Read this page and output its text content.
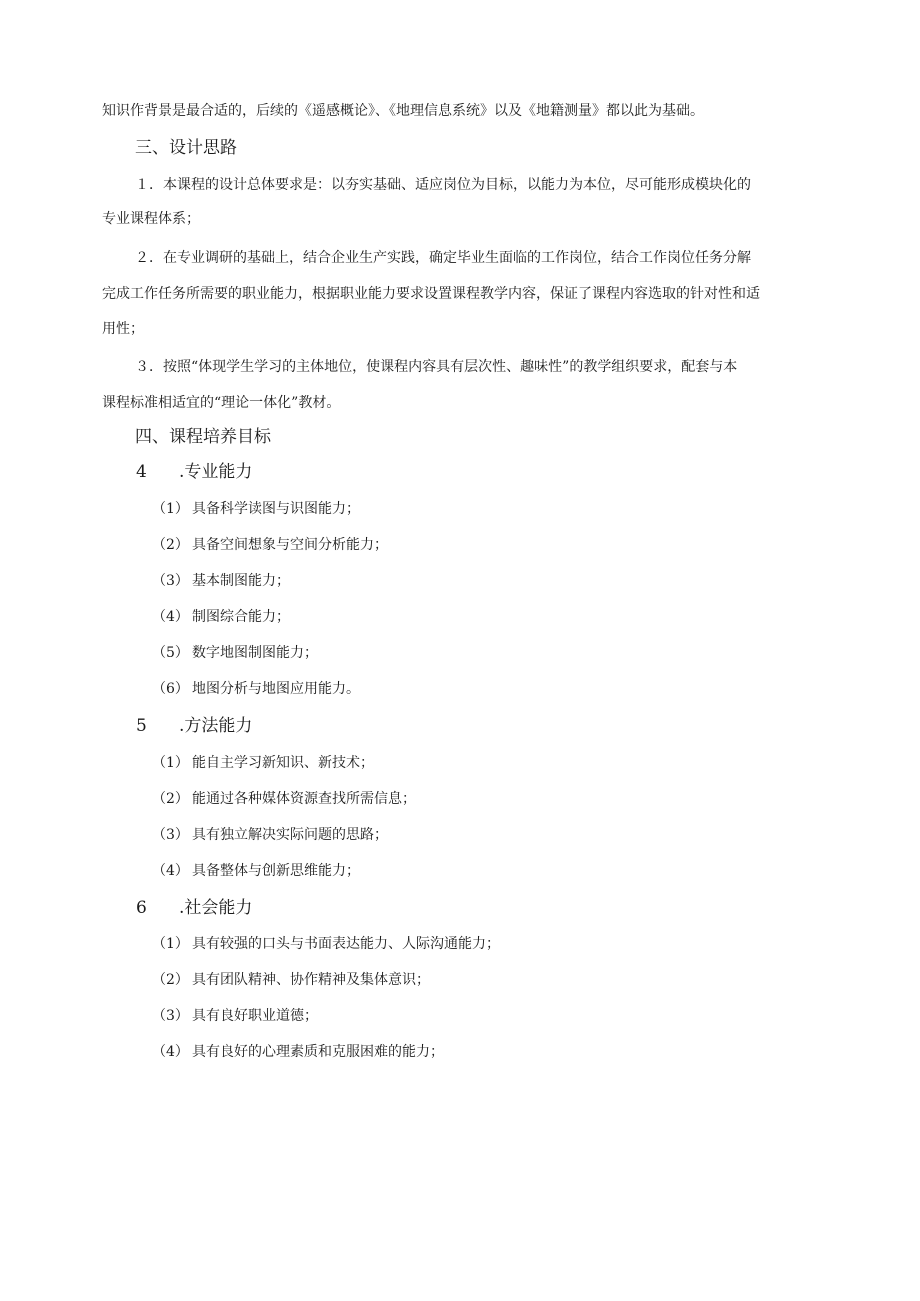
知识作背景是最合适的，后续的《遥感概论》、《地理信息系统》以及《地籍测量》都以此为基础。
三、设计思路
１．本课程的设计总体要求是：以夯实基础、适应岗位为目标，以能力为本位，尽可能形成模块化的
专业课程体系；
２．在专业调研的基础上，结合企业生产实践，确定毕业生面临的工作岗位，结合工作岗位任务分解
完成工作任务所需要的职业能力，根据职业能力要求设置课程教学内容，保证了课程内容选取的针对性和适
用性；
３．按照“体现学生学习的主体地位，使课程内容具有层次性、趣味性”的教学组织要求，配套与本
课程标准相适宜的“理论一体化”教材。
四、课程培养目标
4 .专业能力
（1） 具备科学读图与识图能力；
（2） 具备空间想象与空间分析能力；
（3） 基本制图能力；
（4） 制图综合能力；
（5） 数字地图制图能力；
（6） 地图分析与地图应用能力。
5 .方法能力
（1） 能自主学习新知识、新技术；
（2） 能通过各种媒体资源查找所需信息；
（3） 具有独立解决实际问题的思路；
（4） 具备整体与创新思维能力；
6 .社会能力
（1） 具有较强的口头与书面表达能力、人际沟通能力；
（2） 具有团队精神、协作精神及集体意识；
（3） 具有良好职业道德；
（4） 具有良好的心理素质和克服困难的能力；
